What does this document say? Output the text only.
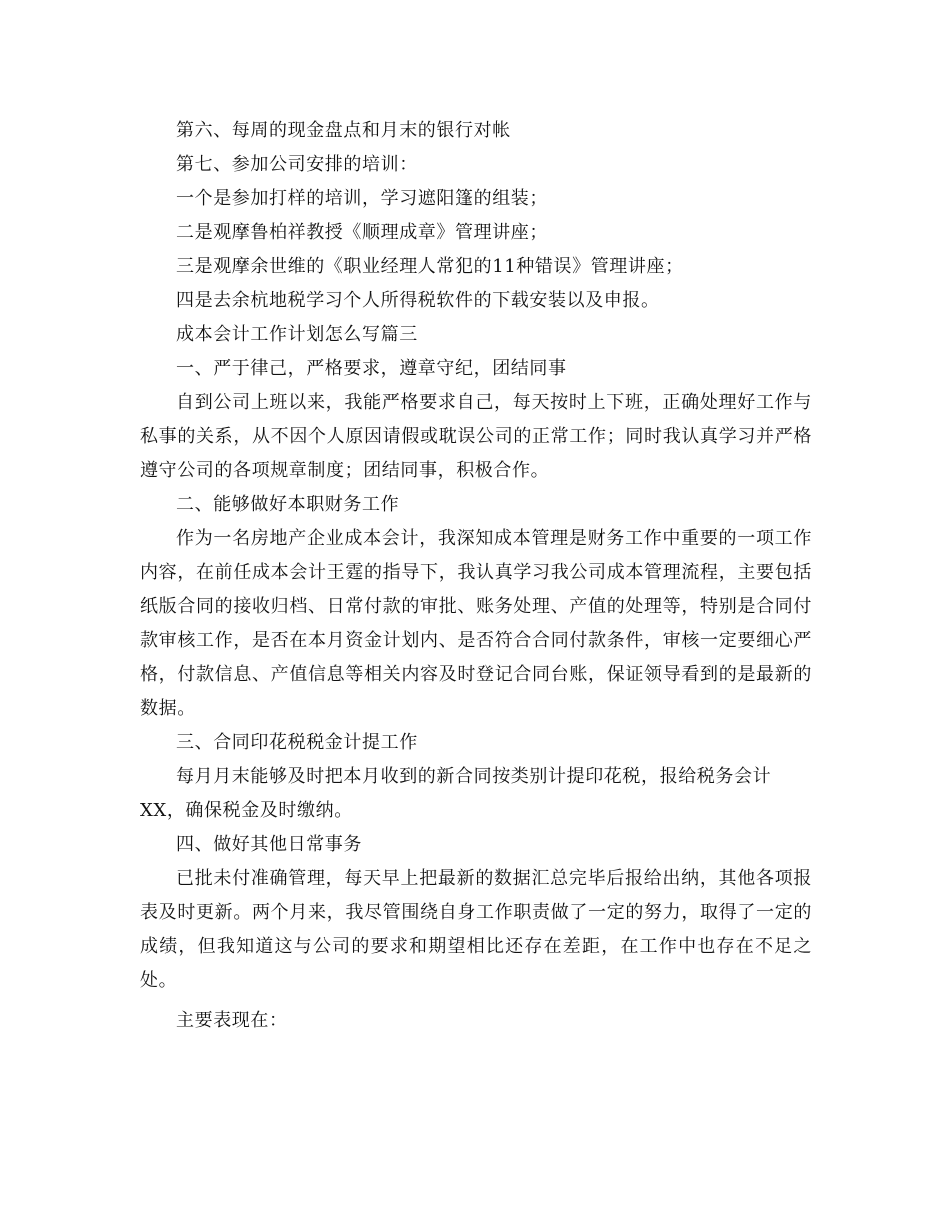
第六、每周的现金盘点和月末的银行对帐
第七、参加公司安排的培训：
一个是参加打样的培训，学习遮阳篷的组装；
二是观摩鲁柏祥教授《顺理成章》管理讲座；
三是观摩余世维的《职业经理人常犯的11种错误》管理讲座；
四是去余杭地税学习个人所得税软件的下载安装以及申报。
成本会计工作计划怎么写篇三
一、严于律己，严格要求，遵章守纪，团结同事
自到公司上班以来，我能严格要求自己，每天按时上下班，正确处理好工作与
私事的关系，从不因个人原因请假或耽误公司的正常工作；同时我认真学习并严格
遵守公司的各项规章制度；团结同事，积极合作。
二、能够做好本职财务工作
作为一名房地产企业成本会计，我深知成本管理是财务工作中重要的一项工作
内容，在前任成本会计王霆的指导下，我认真学习我公司成本管理流程，主要包括
纸版合同的接收归档、日常付款的审批、账务处理、产值的处理等，特别是合同付
款审核工作，是否在本月资金计划内、是否符合合同付款条件，审核一定要细心严
格，付款信息、产值信息等相关内容及时登记合同台账，保证领导看到的是最新的
数据。
三、合同印花税税金计提工作
每月月末能够及时把本月收到的新合同按类别计提印花税，报给税务会计
XX，确保税金及时缴纳。
四、做好其他日常事务
已批未付准确管理，每天早上把最新的数据汇总完毕后报给出纳，其他各项报
表及时更新。两个月来，我尽管围绕自身工作职责做了一定的努力，取得了一定的
成绩，但我知道这与公司的要求和期望相比还存在差距，在工作中也存在不足之
处。
主要表现在：
